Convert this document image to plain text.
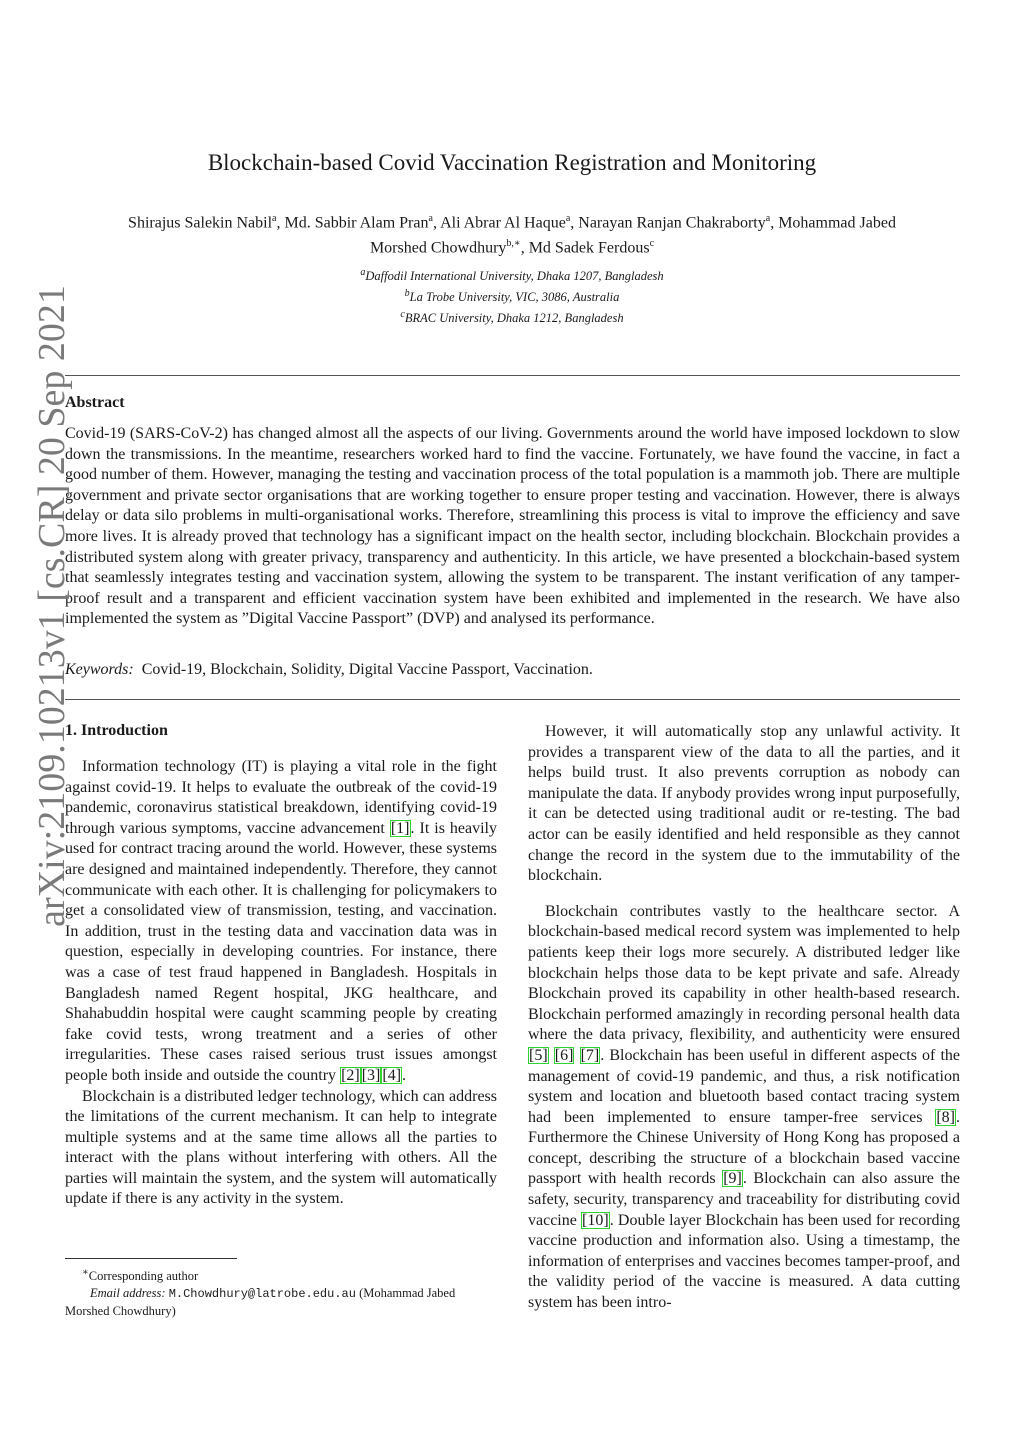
Blockchain-based Covid Vaccination Registration and Monitoring
Shirajus Salekin Nabil$^a$, Md. Sabbir Alam Pran$^a$, Ali Abrar Al Haque$^a$, Narayan Ranjan Chakraborty$^a$, Mohammad Jabed
Morshed Chowdhury$^{b,∗}$, Md Sadek Ferdous$^c$
$^a$Daffodil International University, Dhaka 1207, Bangladesh
$^b$La Trobe University, VIC, 3086, Australia
$^c$BRAC University, Dhaka 1212, Bangladesh
Abstract
Covid-19 (SARS-CoV-2) has changed almost all the aspects of our living. Governments around the world have imposed lockdown to slow down the transmissions. In the meantime, researchers worked hard to find the vaccine. Fortunately, we have found the vaccine, in fact a good number of them. However, managing the testing and vaccination process of the total population is a mammoth job. There are multiple government and private sector organisations that are working together to ensure proper testing and vaccination. However, there is always delay or data silo problems in multi-organisational works. Therefore, streamlining this process is vital to improve the efficiency and save more lives. It is already proved that technology has a significant impact on the health sector, including blockchain. Blockchain provides a distributed system along with greater privacy, transparency and authenticity. In this article, we have presented a blockchain-based system that seamlessly integrates testing and vaccination system, allowing the system to be transparent. The instant verification of any tamper-proof result and a transparent and efficient vaccination system have been exhibited and implemented in the research. We have also implemented the system as ”Digital Vaccine Passport” (DVP) and analysed its performance.
Keywords: Covid-19, Blockchain, Solidity, Digital Vaccine Passport, Vaccination.
arXiv:2109.10213v1 [cs.CR] 20 Sep 2021
1. Introduction

Information technology (IT) is playing a vital role in the fight against covid-19. It helps to evaluate the outbreak of the covid-19 pandemic, coronavirus statistical breakdown, identifying covid-19 through various symptoms, vaccine advancement [1]. It is heavily used for contract tracing around the world. However, these systems are designed and maintained independently. Therefore, they cannot communicate with each other. It is challenging for policymakers to get a consolidated view of transmission, testing, and vaccination. In addition, trust in the testing data and vaccination data was in question, especially in developing countries. For instance, there was a case of test fraud happened in Bangladesh. Hospitals in Bangladesh named Regent hospital, JKG healthcare, and Shahabuddin hospital were caught scamming people by creating fake covid tests, wrong treatment and a series of other irregularities. These cases raised serious trust issues amongst people both inside and outside the country [2] [3] [4].

Blockchain is a distributed ledger technology, which can address the limitations of the current mechanism. It can help to integrate multiple systems and at the same time allows all the parties to interact with the plans without interfering with others. All the parties will maintain the system, and the system will automatically update if there is any activity in the system.

However, it will automatically stop any unlawful activity. It provides a transparent view of the data to all the parties, and it helps build trust. It also prevents corruption as nobody can manipulate the data. If anybody provides wrong input purposefully, it can be detected using traditional audit or re-testing. The bad actor can be easily identified and held responsible as they cannot change the record in the system due to the immutability of the blockchain.

Blockchain contributes vastly to the healthcare sector. A blockchain-based medical record system was implemented to help patients keep their logs more securely. A distributed ledger like blockchain helps those data to be kept private and safe. Already Blockchain proved its capability in other health-based research. Blockchain performed amazingly in recording personal health data where the data privacy, flexibility, and authenticity were ensured [5] [6] [7]. Blockchain has been useful in different aspects of the management of covid-19 pandemic, and thus, a risk notification system and location and bluetooth based contact tracing system had been implemented to ensure tamper-free services [8]. Furthermore the Chinese University of Hong Kong has proposed a concept, describing the structure of a blockchain based vaccine passport with health records [9]. Blockchain can also assure the safety, security, transparency and traceability for distributing covid vaccine [10]. Double layer Blockchain has been used for recording vaccine production and information also. Using a timestamp, the information of enterprises and vaccines becomes tamper-proof, and the validity period of the vaccine is measured. A data cutting system has been intro-

∗Corresponding author
Email address: M.Chowdhury@latrobe.edu.au (Mohammad Jabed Morshed Chowdhury)
